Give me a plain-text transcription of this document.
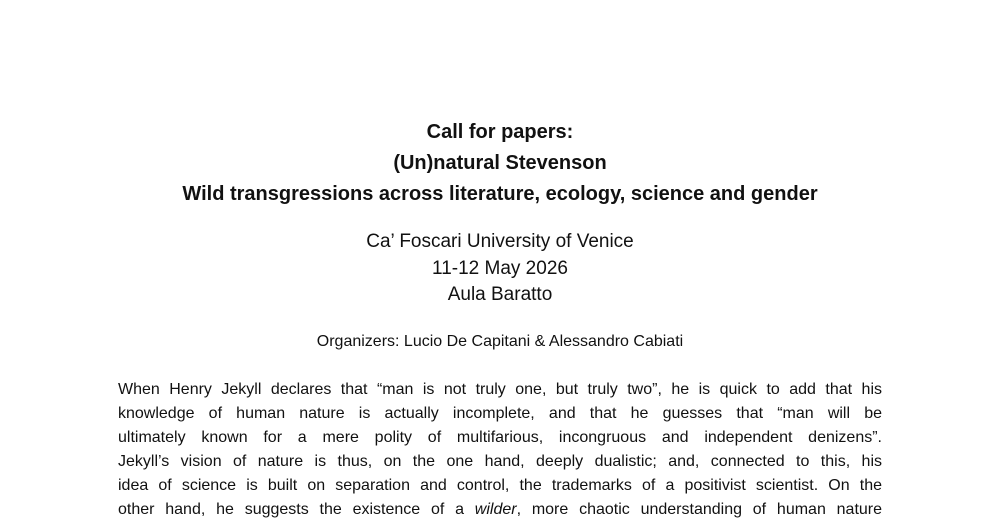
Call for papers:
(Un)natural Stevenson
Wild transgressions across literature, ecology, science and gender
Ca’ Foscari University of Venice
11-12 May 2026
Aula Baratto
Organizers: Lucio De Capitani & Alessandro Cabiati
When Henry Jekyll declares that “man is not truly one, but truly two”, he is quick to add that his
knowledge of human nature is actually incomplete, and that he guesses that “man will be
ultimately known for a mere polity of multifarious, incongruous and independent denizens”.
Jekyll’s vision of nature is thus, on the one hand, deeply dualistic; and, connected to this, his
idea of science is built on separation and control, the trademarks of a positivist scientist. On the
other hand, he suggests the existence of a wilder, more chaotic understanding of human nature
